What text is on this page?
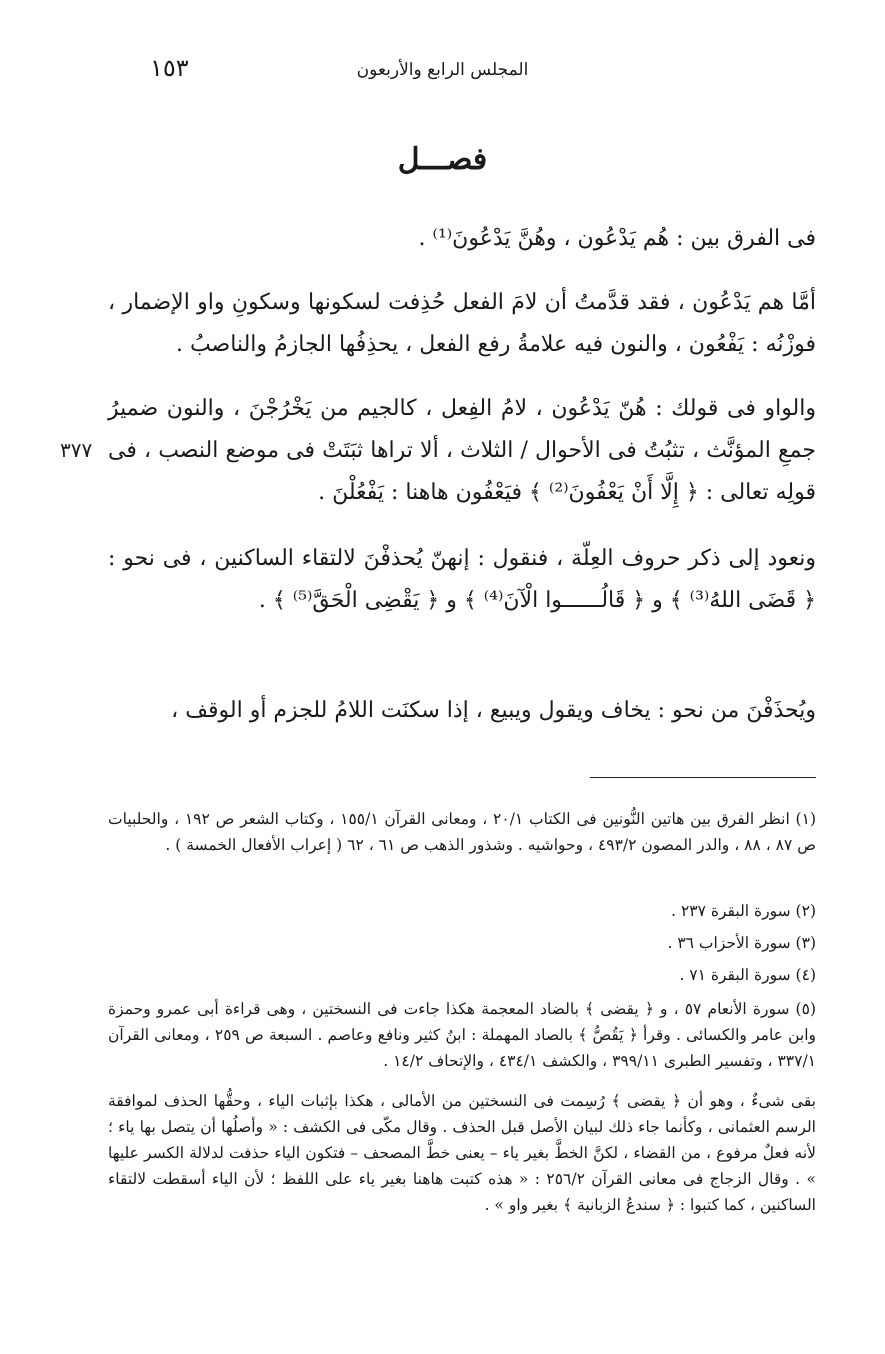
المجلس الرابع والأربعون
١٥٣
فصـــل
فى الفرق بين : هُم يَدْعُون ، وهُنَّ يَدْعُونَ⁽¹⁾ .
أمَّا هم يَدْعُون ، فقد قدَّمتُ أن لامَ الفعل حُذِفت لسكونها وسكونِ واو الإضمار ، فوزْنُه : يَفْعُون ، والنون فيه علامةُ رفع الفعل ، يحذِفُها الجازمُ والناصبُ .
والواو فى قولك : هُنّ يَدْعُون ، لامُ الفِعل ، كالجيم من يَخْرُجْنَ ، والنون ضميرُ جمعِ المؤنَّث ، تثبُتُ فى الأحوال / الثلاث ، ألا تراها ثبَتَتْ فى موضع النصب ، فى قولِه تعالى : ﴿ إِلَّا أَنْ يَعْفُونَ⁽²⁾ ﴾ فيَعْفُون هاهنا : يَفْعُلْنَ .
٣٧٧
ونعود إلى ذكر حروف العِلّة ، فنقول : إنهنّ يُحذفْنَ لالتقاء الساكنين ، فى نحو : ﴿ قَضَى اللهُ⁽³⁾ ﴾ و ﴿ قَالُــــــوا الْآنَ⁽⁴⁾ ﴾ و ﴿ يَقْضِى الْحَقَّ⁽⁵⁾ ﴾ .
ويُحذَفْنَ من نحو : يخاف ويقول ويبيع ، إذا سكنَت اللامُ للجزم أو الوقف ،
(١) انظر الفرق بين هاتين النُّونين فى الكتاب ٢٠/١ ، ومعانى القرآن ١٥٥/١ ، وكتاب الشعر ص ١٩٢ ، والحلبيات ص ٨٧ ، ٨٨ ، والدر المصون ٤٩٣/٢ ، وحواشيه . وشذور الذهب ص ٦١ ، ٦٢ ( إعراب الأفعال الخمسة ) .
(٢) سورة البقرة ٢٣٧ .
(٣) سورة الأحزاب ٣٦ .
(٤) سورة البقرة ٧١ .
(٥) سورة الأنعام ٥٧ ، و ﴿ يقضى ﴾ بالضاد المعجمة هكذا جاءت فى النسختين ، وهى قراءة أبى عمرو وحمزة وابن عامر والكسائى . وقرأ ﴿ يَقُصُّ ﴾ بالصاد المهملة : ابنُ كثير ونافع وعاصم . السبعة ص ٢٥٩ ، ومعانى القرآن ٣٣٧/١ ، وتفسير الطبرى ٣٩٩/١١ ، والكشف ٤٣٤/١ ، والإتحاف ١٤/٢ .
بقى شىءٌ ، وهو أن ﴿ يقضى ﴾ رُسِمت فى النسختين من الأمالى ، هكذا بإثبات الياء ، وحقُّها الحذف لموافقة الرسم العثمانى ، وكأنما جاء ذلك لبيان الأصل قبل الحذف . وقال مكّى فى الكشف : « وأصلُها أن يتصل بها ياء ؛ لأنه فعلٌ مرفوع ، من القضاء ، لكنَّ الخطَّ بغير ياء – يعنى خطَّ المصحف – فتكون الياء حذفت لدلالة الكسر عليها » . وقال الزجاج فى معانى القرآن ٢٥٦/٢ : « هذه كتبت هاهنا بغير ياء على اللفظ ؛ لأن الياء أسقطت لالتقاء الساكنين ، كما كتبوا : ﴿ سندعُ الزبانية ﴾ بغير واو » .
